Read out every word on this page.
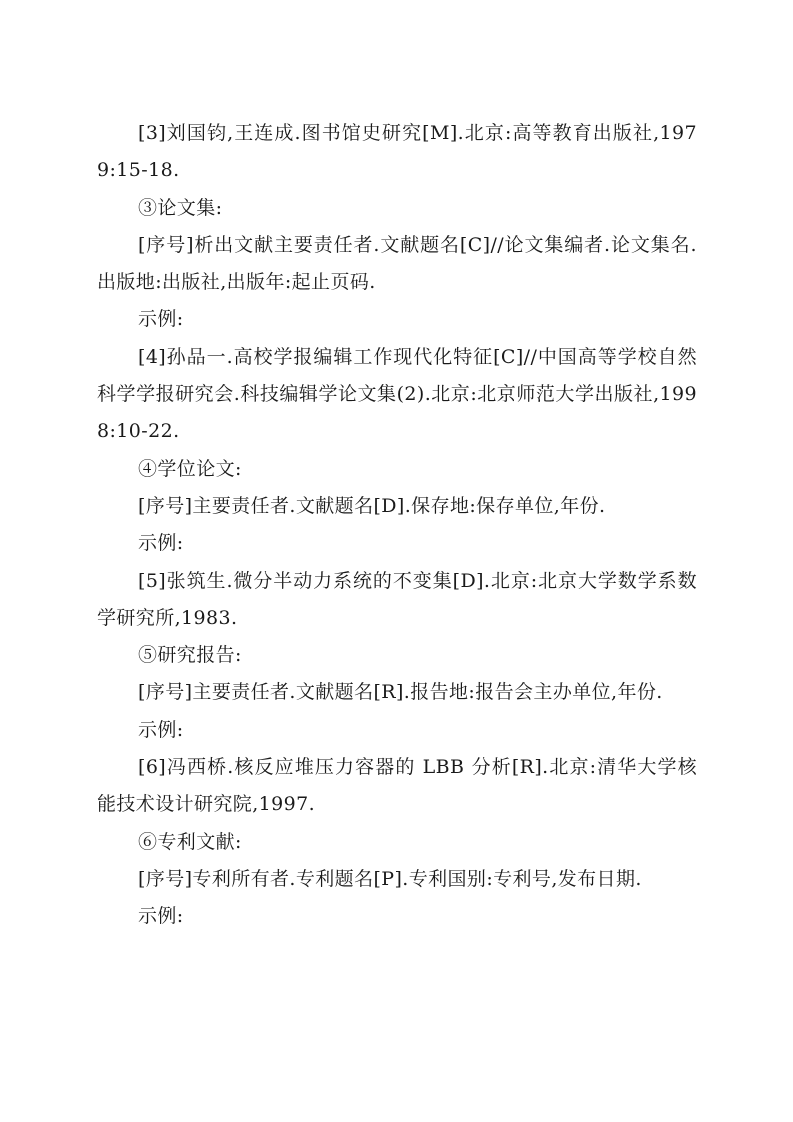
[3]刘国钧,王连成.图书馆史研究[M].北京:高等教育出版社,1979:15-18.

③论文集:

[序号]析出文献主要责任者.文献题名[C]//论文集编者.论文集名.出版地:出版社,出版年:起止页码.

示例:

[4]孙品一.高校学报编辑工作现代化特征[C]//中国高等学校自然科学学报研究会.科技编辑学论文集(2).北京:北京师范大学出版社,1998:10-22.

④学位论文:

[序号]主要责任者.文献题名[D].保存地:保存单位,年份.

示例:

[5]张筑生.微分半动力系统的不变集[D].北京:北京大学数学系数学研究所,1983.

⑤研究报告:

[序号]主要责任者.文献题名[R].报告地:报告会主办单位,年份.

示例:

[6]冯西桥.核反应堆压力容器的 LBB 分析[R].北京:清华大学核能技术设计研究院,1997.

⑥专利文献:

[序号]专利所有者.专利题名[P].专利国别:专利号,发布日期.

示例:
